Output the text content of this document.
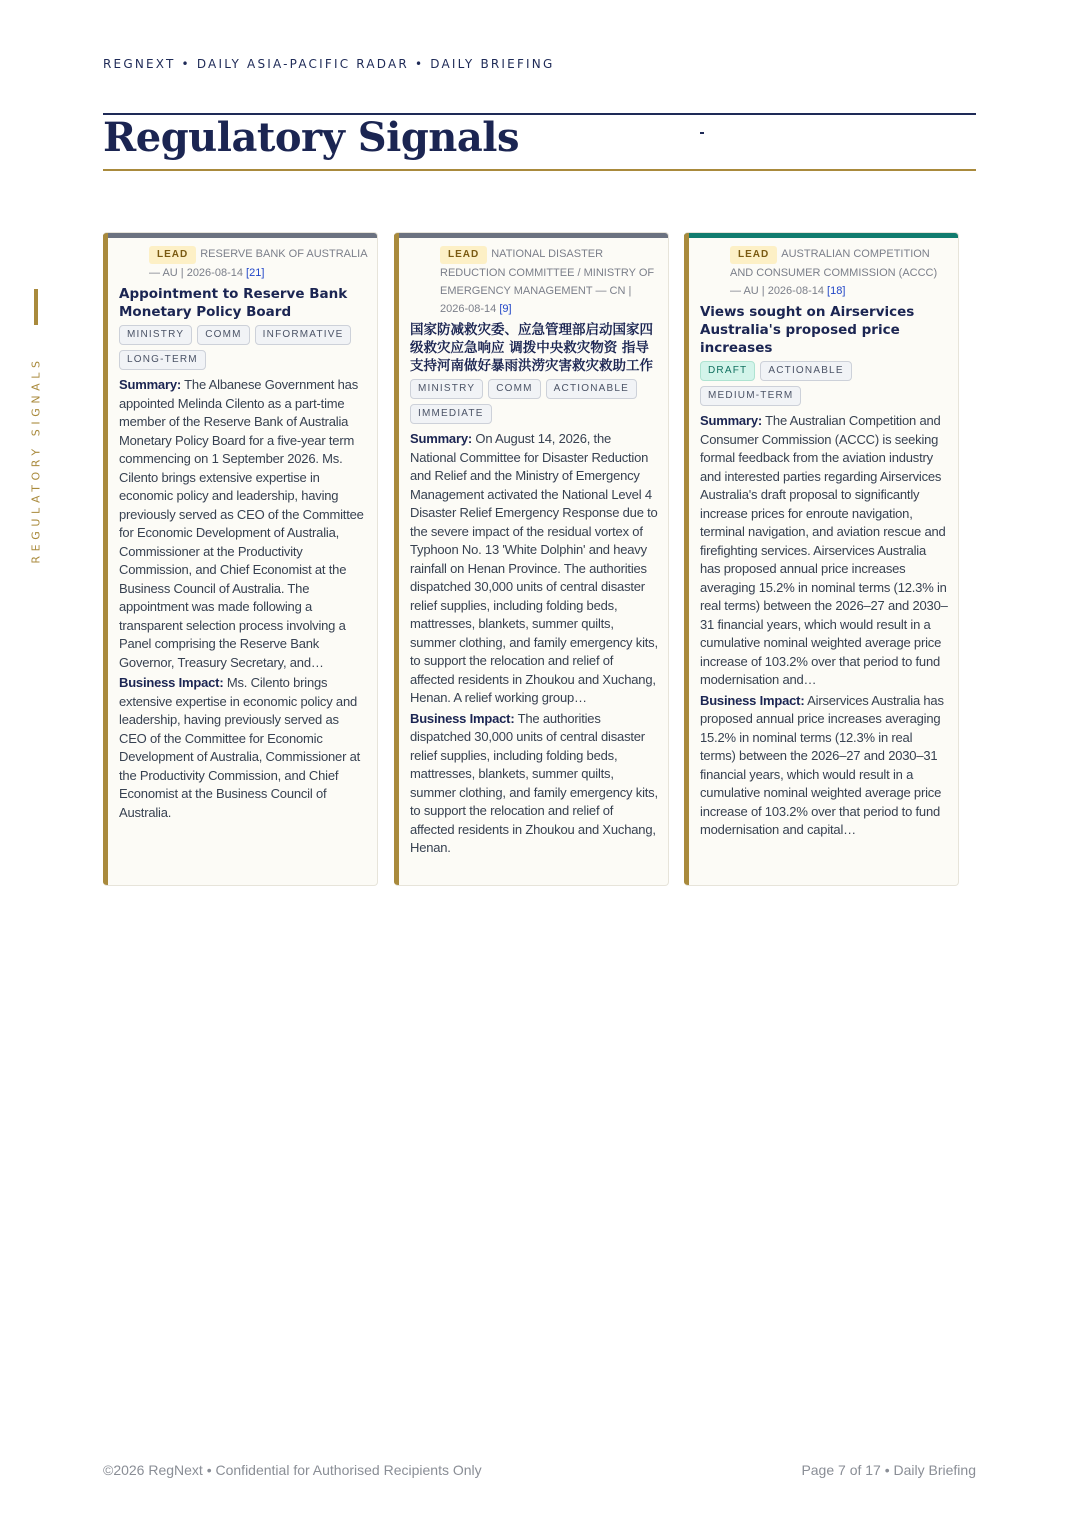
REGNEXT • DAILY ASIA-PACIFIC RADAR • DAILY BRIEFING
Regulatory Signals
REGULATORY SIGNALS
LEAD RESERVE BANK OF AUSTRALIA — AU | 2026-08-14 [21]
Appointment to Reserve Bank Monetary Policy Board
MINISTRY COMM INFORMATIVELONG-TERM
Summary: The Albanese Government has appointed Melinda Cilento as a part-time member of the Reserve Bank of Australia Monetary Policy Board for a five-year term commencing on 1 September 2026. Ms. Cilento brings extensive expertise in economic policy and leadership, having previously served as CEO of the Committee for Economic Development of Australia, Commissioner at the Productivity Commission, and Chief Economist at the Business Council of Australia. The appointment was made following a transparent selection process involving a Panel comprising the Reserve Bank Governor, Treasury Secretary, and…
Business Impact: Ms. Cilento brings extensive expertise in economic policy and leadership, having previously served as CEO of the Committee for Economic Development of Australia, Commissioner at the Productivity Commission, and Chief Economist at the Business Council of Australia.
LEAD NATIONAL DISASTER REDUCTION COMMITTEE / MINISTRY OF EMERGENCY MANAGEMENT — CN | 2026-08-14 [9]
国家防减救灾委、应急管理部启动国家四级救灾应急响应 调拨中央救灾物资 指导支持河南做好暴雨洪涝灾害救灾救助工作
MINISTRY COMM ACTIONABLEIMMEDIATE
Summary: On August 14, 2026, the National Committee for Disaster Reduction and Relief and the Ministry of Emergency Management activated the National Level 4 Disaster Relief Emergency Response due to the severe impact of the residual vortex of Typhoon No. 13 'White Dolphin' and heavy rainfall on Henan Province. The authorities dispatched 30,000 units of central disaster relief supplies, including folding beds, mattresses, blankets, summer quilts, summer clothing, and family emergency kits, to support the relocation and relief of affected residents in Zhoukou and Xuchang, Henan. A relief working group…
Business Impact: The authorities dispatched 30,000 units of central disaster relief supplies, including folding beds, mattresses, blankets, summer quilts, summer clothing, and family emergency kits, to support the relocation and relief of affected residents in Zhoukou and Xuchang, Henan.
LEAD AUSTRALIAN COMPETITION AND CONSUMER COMMISSION (ACCC) — AU | 2026-08-14 [18]
Views sought on Airservices Australia's proposed price increases
DRAFT ACTIONABLEMEDIUM-TERM
Summary: The Australian Competition and Consumer Commission (ACCC) is seeking formal feedback from the aviation industry and interested parties regarding Airservices Australia's draft proposal to significantly increase prices for enroute navigation, terminal navigation, and aviation rescue and firefighting services. Airservices Australia has proposed annual price increases averaging 15.2% in nominal terms (12.3% in real terms) between the 2026–27 and 2030–31 financial years, which would result in a cumulative nominal weighted average price increase of 103.2% over that period to fund modernisation and…
Business Impact: Airservices Australia has proposed annual price increases averaging 15.2% in nominal terms (12.3% in real terms) between the 2026–27 and 2030–31 financial years, which would result in a cumulative nominal weighted average price increase of 103.2% over that period to fund modernisation and capital…
©2026 RegNext • Confidential for Authorised Recipients Only	Page 7 of 17 • Daily Briefing
